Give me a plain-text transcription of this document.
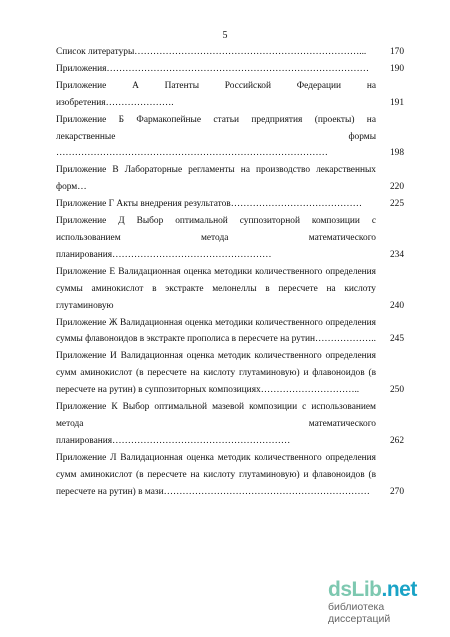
5
Список литературы………………………………………………………………...	170
Приложения…………………………………………………………………………	190
Приложение А Патенты Российской Федерации на изобретения………………….	191
Приложение Б Фармакопейные статьи предприятия (проекты) на лекарственные формы ……………………………………………………………………………	198
Приложение В Лабораторные регламенты на производство лекарственных форм…	220
Приложение Г Акты внедрения результатов……………………………………	225
Приложение Д Выбор оптимальной суппозиторной композиции с использованием метода математического планирования……………………………………………	234
Приложение Е Валидационная оценка методики количественного определения суммы аминокислот в экстракте мелонеллы в пересчете на кислоту глутаминовую	240
Приложение Ж Валидационная оценка методики количественного определения суммы флавоноидов в экстракте прополиса в пересчете на рутин………………..	245
Приложение И Валидационная оценка методик количественного определения сумм аминокислот (в пересчете на кислоту глутаминовую) и флавоноидов (в пересчете на рутин) в суппозиторных композициях…………………………..	250
Приложение К Выбор оптимальной мазевой композиции с использованием метода математического планирования…………………………………………………	262
Приложение Л Валидационная оценка методик количественного определения сумм аминокислот (в пересчете на кислоту глутаминовую) и флавоноидов (в пересчете на рутин) в мази…………………………………………………………	270
dsLib.net
библиотека диссертаций
